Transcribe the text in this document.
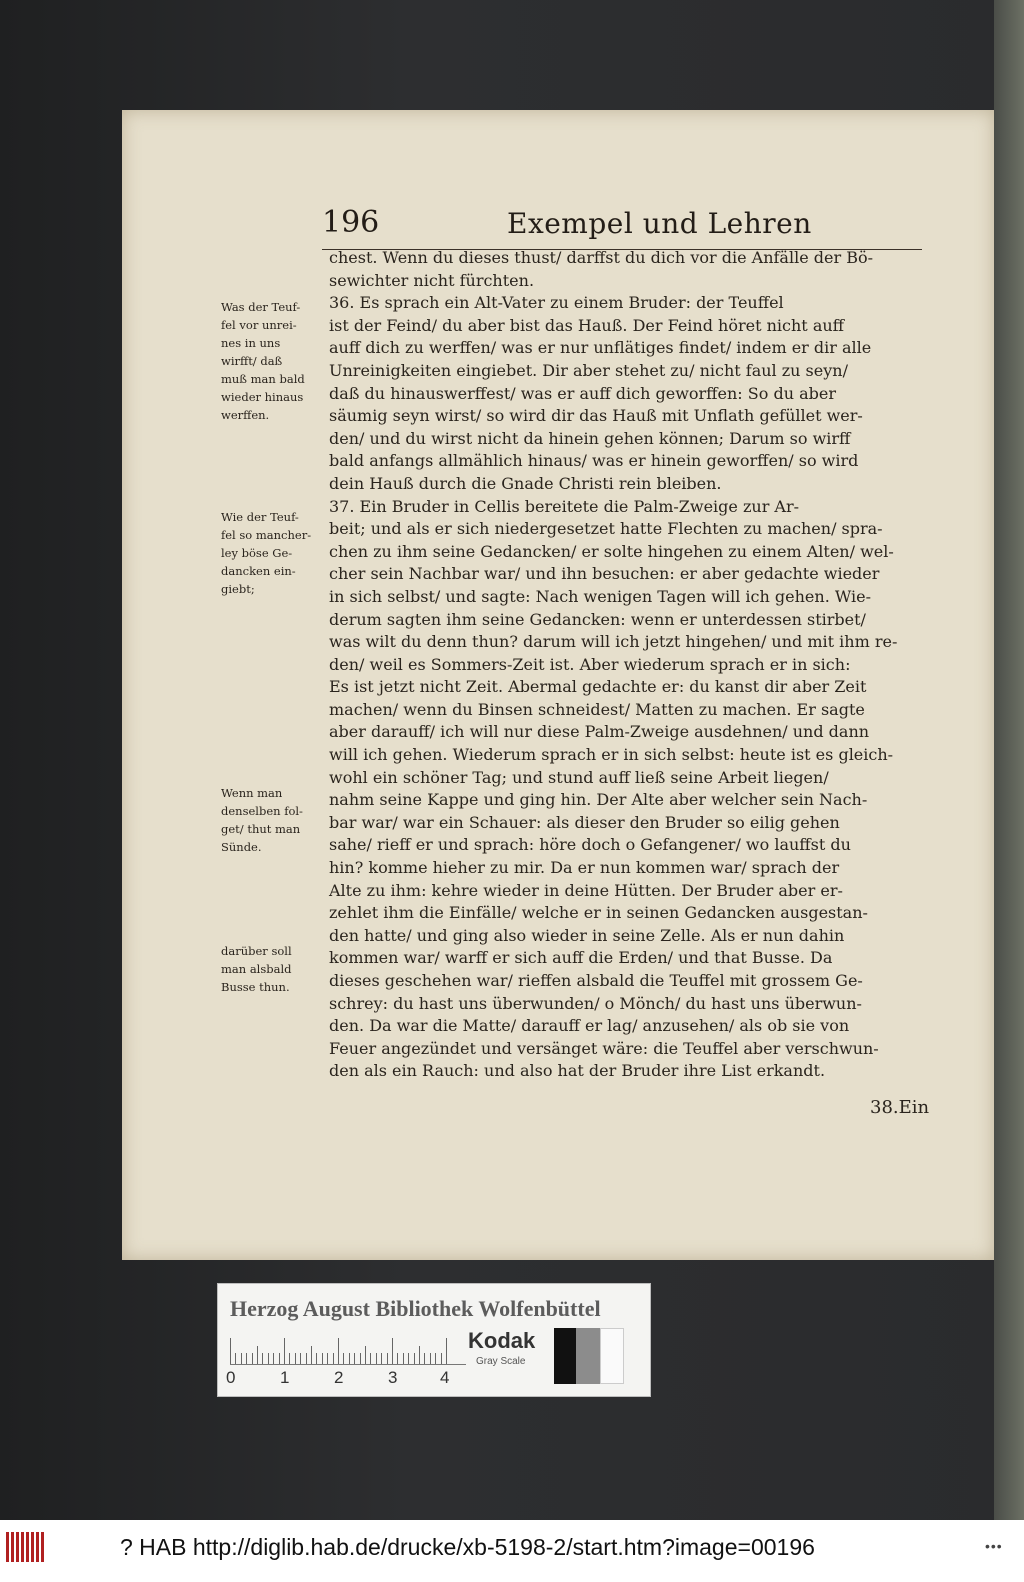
196	Exempel und Lehren

Was der Teuf-

fel vor unrei-

nes in uns

wirfft/ daß

muß man bald

wieder hinaus

werffen.

Wie der Teuf-

fel so mancher-

ley böse Ge-

dancken ein-

giebt;

Wenn man

denselben fol-

get/ thut man

Sünde.

darüber soll

man alsbald

Busse thun.

chest. Wenn du dieses thust/ darffst du dich vor die Anfälle der Bö-

sewichter nicht fürchten.

36. Es sprach ein Alt-Vater zu einem Bruder: der Teuffel

ist der Feind/ du aber bist das Hauß. Der Feind höret nicht auff

auff dich zu werffen/ was er nur unflätiges findet/ indem er dir alle

Unreinigkeiten eingiebet. Dir aber stehet zu/ nicht faul zu seyn/

daß du hinauswerffest/ was er auff dich geworffen: So du aber

säumig seyn wirst/ so wird dir das Hauß mit Unflath gefüllet wer-

den/ und du wirst nicht da hinein gehen können; Darum so wirff

bald anfangs allmählich hinaus/ was er hinein geworffen/ so wird

dein Hauß durch die Gnade Christi rein bleiben.

37. Ein Bruder in Cellis bereitete die Palm-Zweige zur Ar-

beit; und als er sich niedergesetzet hatte Flechten zu machen/ spra-

chen zu ihm seine Gedancken/ er solte hingehen zu einem Alten/ wel-

cher sein Nachbar war/ und ihn besuchen: er aber gedachte wieder

in sich selbst/ und sagte: Nach wenigen Tagen will ich gehen. Wie-

derum sagten ihm seine Gedancken: wenn er unterdessen stirbet/

was wilt du denn thun? darum will ich jetzt hingehen/ und mit ihm re-

den/ weil es Sommers-Zeit ist. Aber wiederum sprach er in sich:

Es ist jetzt nicht Zeit. Abermal gedachte er: du kanst dir aber Zeit

machen/ wenn du Binsen schneidest/ Matten zu machen. Er sagte

aber darauff/ ich will nur diese Palm-Zweige ausdehnen/ und dann

will ich gehen. Wiederum sprach er in sich selbst: heute ist es gleich-

wohl ein schöner Tag; und stund auff ließ seine Arbeit liegen/

nahm seine Kappe und ging hin. Der Alte aber welcher sein Nach-

bar war/ war ein Schauer: als dieser den Bruder so eilig gehen

sahe/ rieff er und sprach: höre doch o Gefangener/ wo lauffst du

hin? komme hieher zu mir. Da er nun kommen war/ sprach der

Alte zu ihm: kehre wieder in deine Hütten. Der Bruder aber er-

zehlet ihm die Einfälle/ welche er in seinen Gedancken ausgestan-

den hatte/ und ging also wieder in seine Zelle. Als er nun dahin

kommen war/ warff er sich auff die Erden/ und that Busse. Da

dieses geschehen war/ rieffen alsbald die Teuffel mit grossem Ge-

schrey: du hast uns überwunden/ o Mönch/ du hast uns überwun-

den. Da war die Matte/ darauff er lag/ anzusehen/ als ob sie von

Feuer angezündet und versänget wäre: die Teuffel aber verschwun-

den als ein Rauch: und also hat der Bruder ihre List erkandt.

38.Ein
Herzog August Bibliothek Wolfenbüttel
0	1	2	3	4
Kodak
Gray Scale
? HAB http://diglib.hab.de/drucke/xb-5198-2/start.htm?image=00196	•••
